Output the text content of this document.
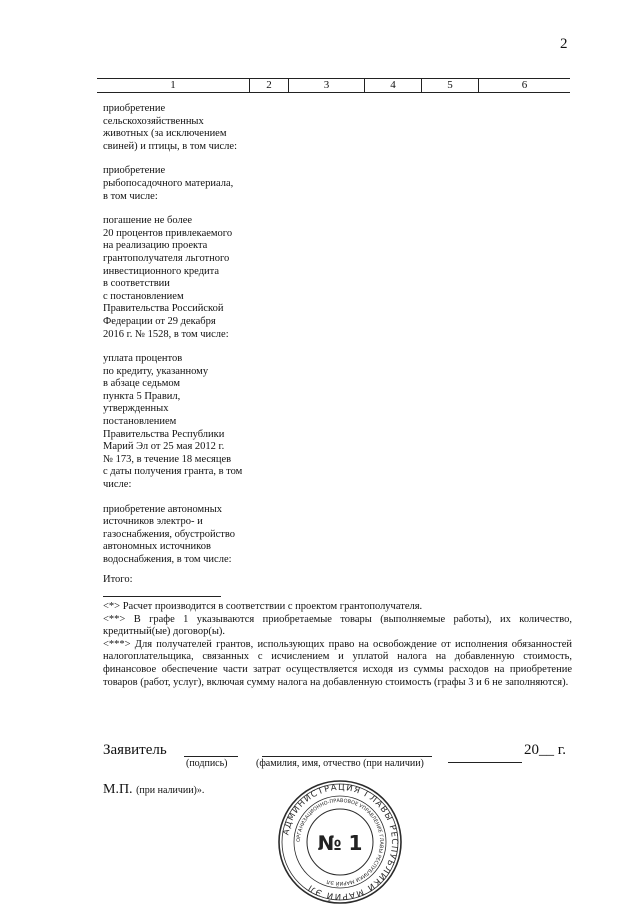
2
1	2	3	4	5	6
приобретение
сельскохозяйственных
животных (за исключением
свиней) и птицы, в том числе:
приобретение
рыбопосадочного материала,
в том числе:
погашение не более
20 процентов привлекаемого
на реализацию проекта
грантополучателя льготного
инвестиционного кредита
в соответствии
с постановлением
Правительства Российской
Федерации от 29 декабря
2016 г. № 1528, в том числе:
уплата процентов
по кредиту, указанному
в абзаце седьмом
пункта 5 Правил,
утвержденных
постановлением
Правительства Республики
Марий Эл от 25 мая 2012 г.
№ 173, в течение 18 месяцев
с даты получения гранта, в том
числе:
приобретение автономных
источников электро- и
газоснабжения, обустройство
автономных источников
водоснабжения, в том числе:
Итого:
<*> Расчет производится в соответствии с проектом грантополучателя.
<**> В графе 1 указываются приобретаемые товары (выполняемые работы), их количество, кредитный(ые) договор(ы).
<***> Для получателей грантов, использующих право на освобождение от исполнения обязанностей налогоплательщика, связанных с исчислением и уплатой налога на добавленную стоимость, финансовое обеспечение части затрат осуществляется исходя из суммы расходов на приобретение товаров (работ, услуг), включая сумму налога на добавленную стоимость (графы 3 и 6 не заполняются).
Заявитель
(подпись)	(фамилия, имя, отчество (при наличии)
20__ г.
М.П. (при наличии)».
АДМИНИСТРАЦИЯ ГЛАВЫ РЕСПУБЛИКИ МАРИЙ ЭЛ
ОРГАНИЗАЦИОННО-ПРАВОВОЕ УПРАВЛЕНИЕ ГЛАВЫ РЕСПУБЛИКИ МАРИЙ ЭЛ
№ 1
